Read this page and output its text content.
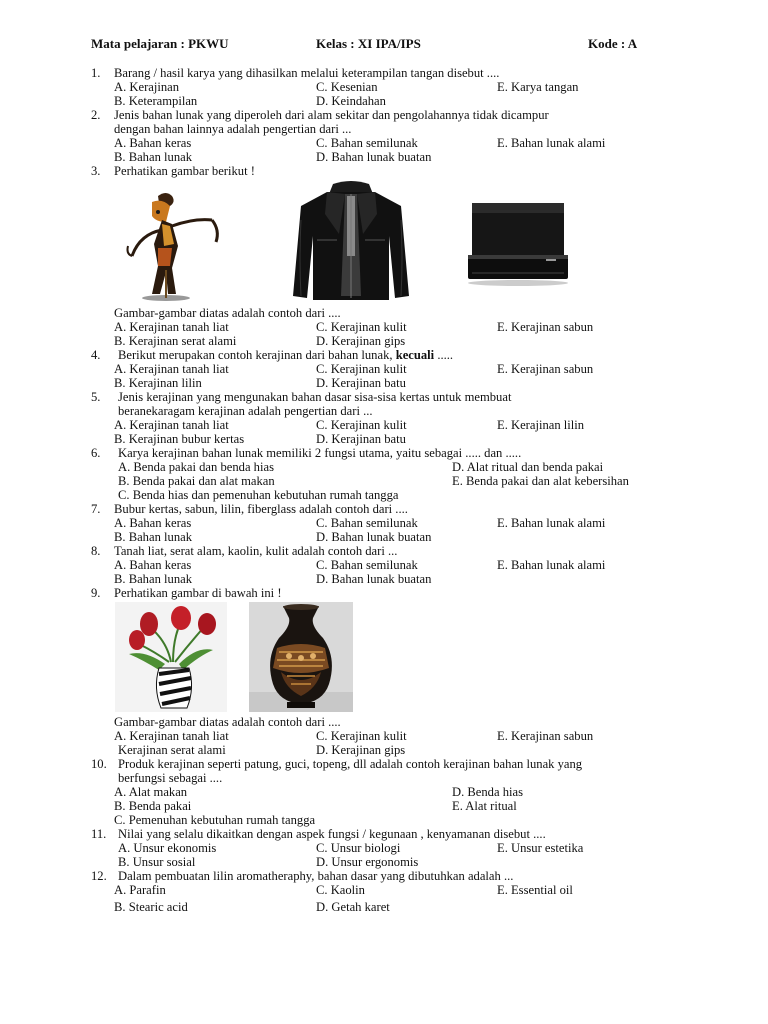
Mata pelajaran : PKWU	Kelas : XI IPA/IPS	Kode : A
1. Barang / hasil karya yang dihasilkan melalui keterampilan tangan disebut ....
A. Kerajinan	C. Kesenian	E. Karya tangan
B. Keterampilan	D. Keindahan
2. Jenis bahan lunak yang diperoleh dari alam sekitar dan pengolahannya tidak dicampur
dengan bahan lainnya adalah pengertian dari ...
A. Bahan keras	C. Bahan semilunak	E. Bahan lunak alami
B. Bahan lunak	D. Bahan lunak buatan
3. Perhatikan gambar berikut !
Gambar-gambar diatas adalah contoh dari ....
A. Kerajinan tanah liat	C. Kerajinan kulit	E. Kerajinan sabun
B. Kerajinan serat alami	D. Kerajinan gips
4. Berikut merupakan contoh kerajinan dari bahan lunak, kecuali .....
A. Kerajinan tanah liat	C. Kerajinan kulit	E. Kerajinan sabun
B. Kerajinan lilin	D. Kerajinan batu
5. Jenis kerajinan yang mengunakan bahan dasar sisa-sisa kertas untuk membuat
beranekaragam kerajinan adalah pengertian dari ...
A. Kerajinan tanah liat	C. Kerajinan kulit	E. Kerajinan lilin
B. Kerajinan bubur kertas	D. Kerajinan batu
6. Karya kerajinan bahan lunak memiliki 2 fungsi utama, yaitu sebagai ..... dan .....
A. Benda pakai dan benda hias	D. Alat ritual dan benda pakai
B. Benda pakai dan alat makan	E. Benda pakai dan alat kebersihan
C. Benda hias dan pemenuhan kebutuhan rumah tangga
7. Bubur kertas, sabun, lilin, fiberglass adalah contoh dari ....
A. Bahan keras	C. Bahan semilunak	E. Bahan lunak alami
B. Bahan lunak	D. Bahan lunak buatan
8. Tanah liat, serat alam, kaolin, kulit adalah contoh dari ...
A. Bahan keras	C. Bahan semilunak	E. Bahan lunak alami
B. Bahan lunak	D. Bahan lunak buatan
9. Perhatikan gambar di bawah ini !
Gambar-gambar diatas adalah contoh dari ....
A. Kerajinan tanah liat	C. Kerajinan kulit	E. Kerajinan sabun
Kerajinan serat alami	D. Kerajinan gips
10. Produk kerajinan seperti patung, guci, topeng, dll adalah contoh kerajinan bahan lunak yang
berfungsi sebagai ....
A. Alat makan	D. Benda hias
B. Benda pakai	E. Alat ritual
C. Pemenuhan kebutuhan rumah tangga
11. Nilai yang selalu dikaitkan dengan aspek fungsi / kegunaan , kenyamanan disebut ....
A. Unsur ekonomis	C. Unsur biologi	E. Unsur estetika
B. Unsur sosial	D. Unsur ergonomis
12. Dalam pembuatan lilin aromatheraphy, bahan dasar yang dibutuhkan adalah ...
A. Parafin	C. Kaolin	E. Essential oil
B. Stearic acid	D. Getah karet
